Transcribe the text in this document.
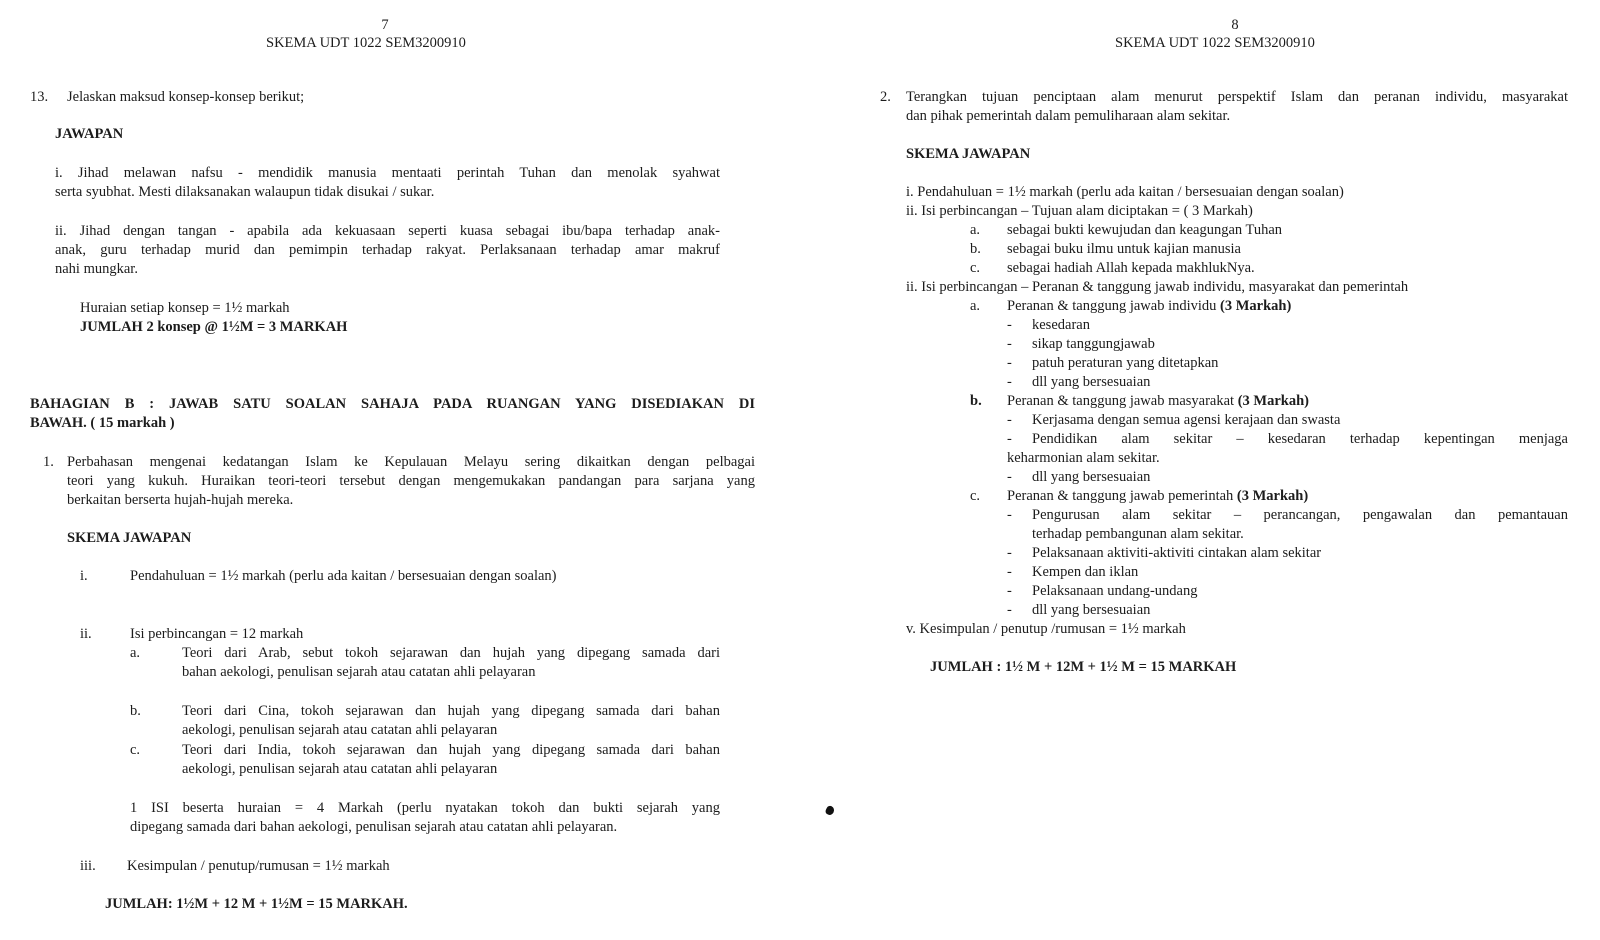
7
SKEMA UDT 1022 SEM3200910
13. Jelaskan maksud konsep-konsep berikut;
JAWAPAN
i. Jihad melawan nafsu - mendidik manusia mentaati perintah Tuhan dan menolak syahwat
serta syubhat. Mesti dilaksanakan walaupun tidak disukai / sukar.
ii. Jihad dengan tangan - apabila ada kekuasaan seperti kuasa sebagai ibu/bapa terhadap anak-
anak, guru terhadap murid dan pemimpin terhadap rakyat. Perlaksanaan terhadap amar makruf
nahi mungkar.
Huraian setiap konsep = 1½ markah
JUMLAH 2 konsep @ 1½M = 3 MARKAH
BAHAGIAN B : JAWAB SATU SOALAN SAHAJA PADA RUANGAN YANG DISEDIAKAN DI
BAWAH. ( 15 markah )
1. Perbahasan mengenai kedatangan Islam ke Kepulauan Melayu sering dikaitkan dengan pelbagai
teori yang kukuh. Huraikan teori-teori tersebut dengan mengemukakan pandangan para sarjana yang
berkaitan berserta hujah-hujah mereka.
SKEMA JAWAPAN
i.	Pendahuluan = 1½ markah (perlu ada kaitan / bersesuaian dengan soalan)
ii.	Isi perbincangan = 12 markah
a.	Teori dari Arab, sebut tokoh sejarawan dan hujah yang dipegang samada dari
bahan aekologi, penulisan sejarah atau catatan ahli pelayaran
b.	Teori dari Cina, tokoh sejarawan dan hujah yang dipegang samada dari bahan
aekologi, penulisan sejarah atau catatan ahli pelayaran
c.	Teori dari India, tokoh sejarawan dan hujah yang dipegang samada dari bahan
aekologi, penulisan sejarah atau catatan ahli pelayaran
1 ISI beserta huraian = 4 Markah (perlu nyatakan tokoh dan bukti sejarah yang
dipegang samada dari bahan aekologi, penulisan sejarah atau catatan ahli pelayaran.
iii. Kesimpulan / penutup/rumusan = 1½ markah
JUMLAH: 1½M + 12 M + 1½M = 15 MARKAH.
8
SKEMA UDT 1022 SEM3200910
2. Terangkan tujuan penciptaan alam menurut perspektif Islam dan peranan individu, masyarakat
dan pihak pemerintah dalam pemuliharaan alam sekitar.
SKEMA JAWAPAN
i. Pendahuluan = 1½ markah (perlu ada kaitan / bersesuaian dengan soalan)
ii. Isi perbincangan – Tujuan alam diciptakan = ( 3 Markah)
a. sebagai bukti kewujudan dan keagungan Tuhan
b. sebagai buku ilmu untuk kajian manusia
c. sebagai hadiah Allah kepada makhlukNya.
ii. Isi perbincangan – Peranan & tanggung jawab individu, masyarakat dan pemerintah
a. Peranan & tanggung jawab individu (3 Markah)
- kesedaran
- sikap tanggungjawab
- patuh peraturan yang ditetapkan
- dll yang bersesuaian
b. Peranan & tanggung jawab masyarakat (3 Markah)
- Kerjasama dengan semua agensi kerajaan dan swasta
- Pendidikan alam sekitar – kesedaran terhadap kepentingan menjaga
keharmonian alam sekitar.
- dll yang bersesuaian
c. Peranan & tanggung jawab pemerintah (3 Markah)
- Pengurusan alam sekitar – perancangan, pengawalan dan pemantauan
terhadap pembangunan alam sekitar.
- Pelaksanaan aktiviti-aktiviti cintakan alam sekitar
- Kempen dan iklan
- Pelaksanaan undang-undang
- dll yang bersesuaian
v. Kesimpulan / penutup /rumusan = 1½ markah
JUMLAH : 1½ M + 12M + 1½ M = 15 MARKAH
